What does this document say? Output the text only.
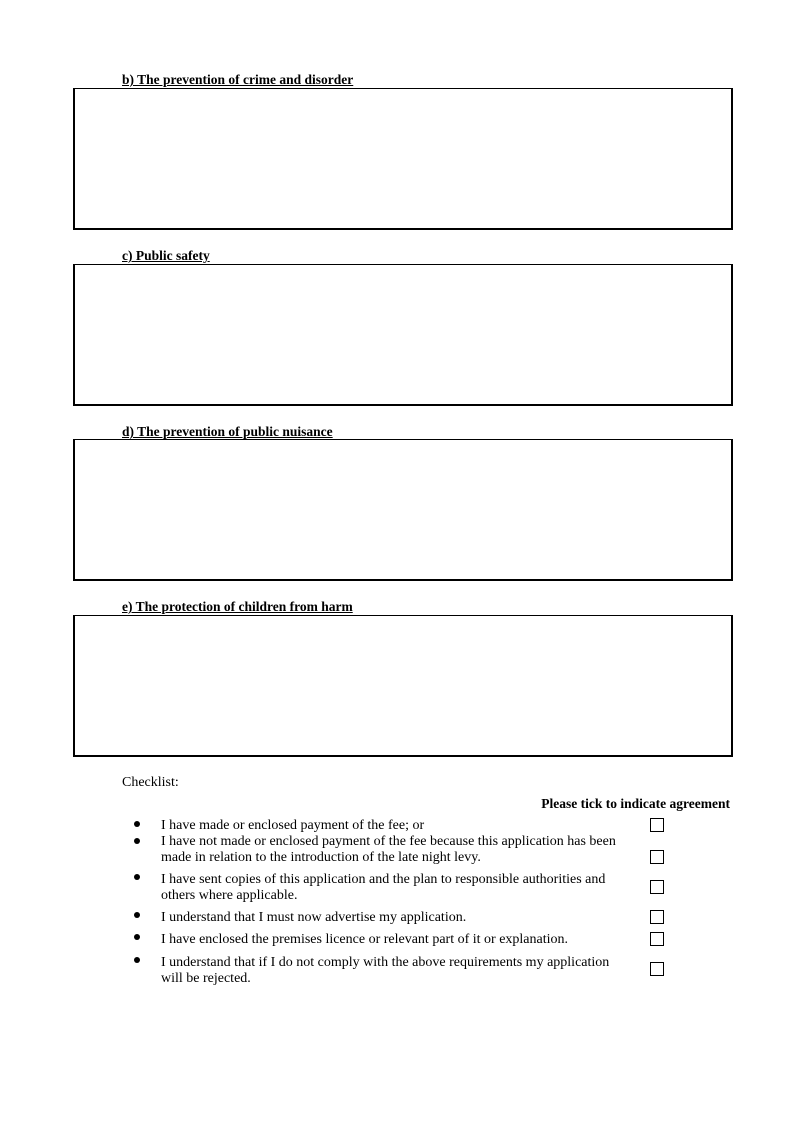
b) The prevention of crime and disorder
c) Public safety
d) The prevention of public nuisance
e) The protection of children from harm
Checklist:
Please tick to indicate agreement
I have made or enclosed payment of the fee; or
I have not made or enclosed payment of the fee because this application has been made in relation to the introduction of the late night levy.
I have sent copies of this application and the plan to responsible authorities and others where applicable.
I understand that I must now advertise my application.
I have enclosed the premises licence or relevant part of it or explanation.
I understand that if I do not comply with the above requirements my application will be rejected.
